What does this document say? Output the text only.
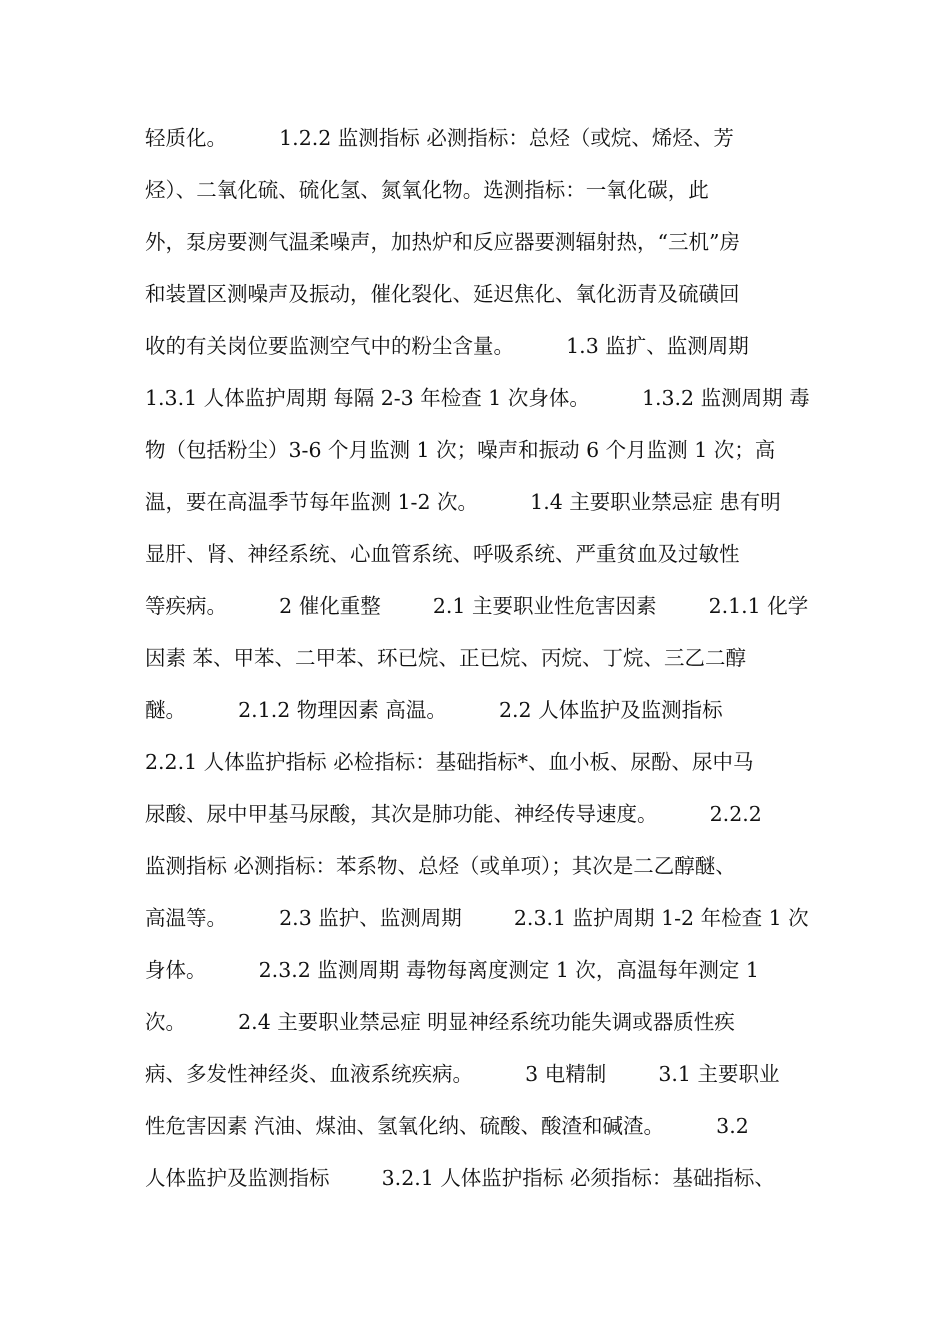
轻质化。        1.2.2 监测指标 必测指标：总烃（或烷、烯烃、芳
烃）、二氧化硫、硫化氢、氮氧化物。选测指标：一氧化碳，此
外，泵房要测气温柔噪声，加热炉和反应器要测辐射热，“三机”房
和装置区测噪声及振动，催化裂化、延迟焦化、氧化沥青及硫磺回
收的有关岗位要监测空气中的粉尘含量。        1.3 监扩、监测周期
1.3.1 人体监护周期 每隔 2-3 年检查 1 次身体。        1.3.2 监测周期 毒
物（包括粉尘）3-6 个月监测 1 次；噪声和振动 6 个月监测 1 次；高
温，要在高温季节每年监测 1-2 次。        1.4 主要职业禁忌症 患有明
显肝、肾、神经系统、心血管系统、呼吸系统、严重贫血及过敏性
等疾病。        2 催化重整        2.1 主要职业性危害因素        2.1.1 化学
因素 苯、甲苯、二甲苯、环已烷、正已烷、丙烷、丁烷、三乙二醇
醚。        2.1.2 物理因素 高温。        2.2 人体监护及监测指标
2.2.1 人体监护指标 必检指标：基础指标*、血小板、尿酚、尿中马
尿酸、尿中甲基马尿酸，其次是肺功能、神经传导速度。        2.2.2
监测指标 必测指标：苯系物、总烃（或单项）；其次是二乙醇醚、
高温等。        2.3 监护、监测周期        2.3.1 监护周期 1-2 年检查 1 次
身体。        2.3.2 监测周期 毒物每离度测定 1 次，高温每年测定 1
次。        2.4 主要职业禁忌症 明显神经系统功能失调或器质性疾
病、多发性神经炎、血液系统疾病。        3 电精制        3.1 主要职业
性危害因素 汽油、煤油、氢氧化纳、硫酸、酸渣和碱渣。        3.2
人体监护及监测指标        3.2.1 人体监护指标 必须指标：基础指标、
